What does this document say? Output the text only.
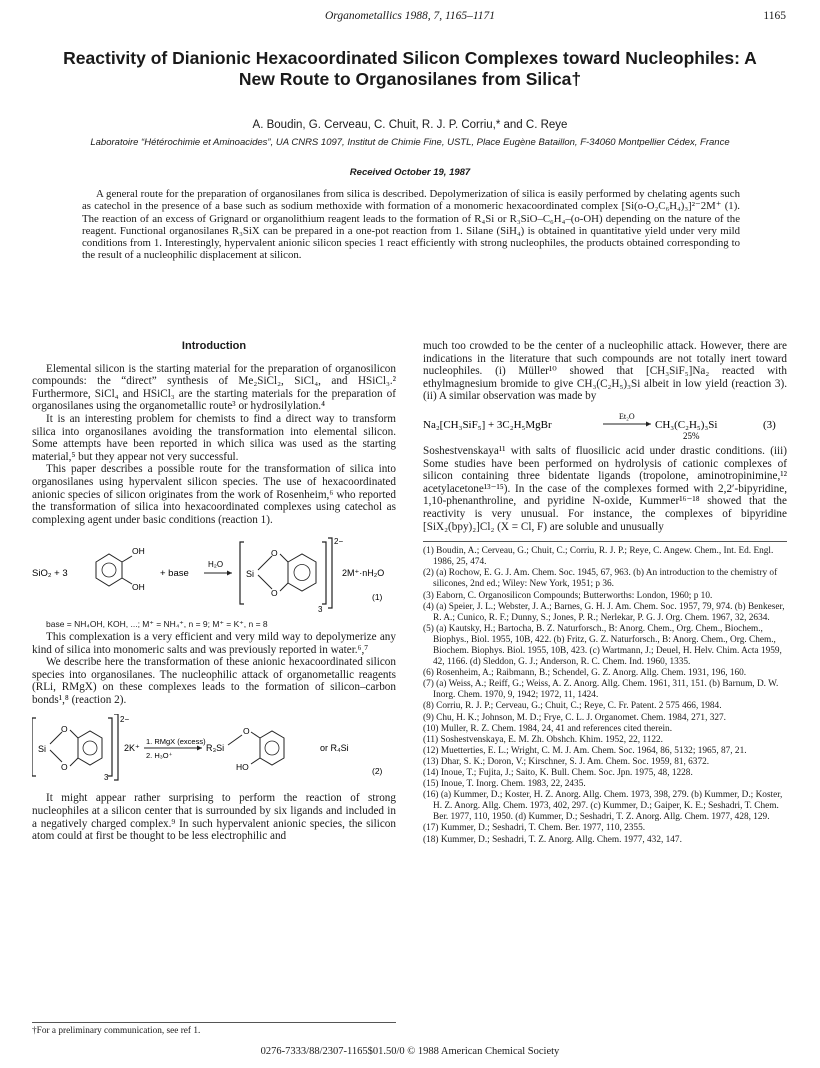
Organometallics 1988, 7, 1165–1171	1165
Reactivity of Dianionic Hexacoordinated Silicon Complexes toward Nucleophiles: A New Route to Organosilanes from Silica†
A. Boudin, G. Cerveau, C. Chuit, R. J. P. Corriu,* and C. Reye
Laboratoire “Hétérochimie et Aminoacides”, UA CNRS 1097, Institut de Chimie Fine, USTL, Place Eugène Bataillon, F-34060 Montpellier Cédex, France
Received October 19, 1987

A general route for the preparation of organosilanes from silica is described. Depolymerization of silica is easily performed by chelating agents such as catechol in the presence of a base such as sodium methoxide with formation of a monomeric hexacoordinated complex [Si(o-O₂C₆H₄)₃]²⁻2M⁺ (1). The reaction of an excess of Grignard or organolithium reagent leads to the formation of R₄Si or R₃SiO–C₆H₄–(o-OH) depending on the nature of the reagent. Functional organosilanes R₃SiX can be prepared in a one-pot reaction from 1. Silane (SiH₄) is obtained in quantitative yield under very mild conditions from 1. Interestingly, hypervalent anionic silicon species 1 react efficiently with strong nucleophiles, the products obtained corresponding to the result of a nucleophilic displacement at silicon.

Introduction

Elemental silicon is the starting material for the preparation of organosilicon compounds: the “direct” synthesis of Me₂SiCl₂, SiCl₄, and HSiCl₃.² Furthermore, SiCl₄ and HSiCl₃ are the starting materials for the preparation of organosilanes using the organometallic route³ or hydrosilylation.⁴

It is an interesting problem for chemists to find a direct way to transform silica into organosilanes avoiding the transformation into elemental silicon. Some attempts have been reported in which silica was used as the starting material,⁵ but they appear not very successful.

This paper describes a possible route for the transformation of silica into organosilanes using hypervalent silicon species. The use of hexacoordinated anionic species of silicon originates from the work of Rosenheim,⁶ who reported the transformation of silica into hexacoordinated complexes using catechol as complexing agent under basic conditions (reaction 1).

SiO₂ + 3
OH
OH
+ base
H₂O
Si
O
O
3
2−
2M⁺·nH₂O
(1)

base = NH₄OH, KOH, ...; M⁺ = NH₄⁺, n = 9; M⁺ = K⁺, n = 8

This complexation is a very efficient and very mild way to depolymerize any kind of silica into monomeric salts and was previously reported in water.⁶,⁷

We describe here the transformation of these anionic hexacoordinated silicon species into organosilanes. The nucleophilic attack of organometallic reagents (RLi, RMgX) on these complexes leads to the formation of silicon–carbon bonds¹,⁸ (reaction 2).

Si
O
O
3
2−
2K⁺
1. RMgX (excess)
2. H₃O⁺
R₃Si
O
HO
or R₄Si
(2)

It might appear rather surprising to perform the reaction of strong nucleophiles at a silicon center that is surrounded by six ligands and included in a negatively charged complex.⁹ In such hypervalent anionic species, the silicon atom could at first be thought to be less electrophilic and

†For a preliminary communication, see ref 1.

much too crowded to be the center of a nucleophilic attack. However, there are indications in the literature that such compounds are not totally inert toward nucleophiles. (i) Müller¹⁰ showed that [CH₃SiF₅]Na₂ reacted with ethylmagnesium bromide to give CH₃(C₂H₅)₃Si albeit in low yield (reaction 3). (ii) A similar observation was made by

Na₂[CH₃SiF₅] + 3C₂H₅MgBr
Et₂O
CH₃(C₂H₅)₃Si
25%
(3)

Soshestvenskaya¹¹ with salts of fluosilicic acid under drastic conditions. (iii) Some studies have been performed on hydrolysis of cationic complexes of silicon containing three bidentate ligands (tropolone, aminotropinimine,¹² acetylacetone¹³⁻¹⁵). In the case of the complexes formed with 2,2′-bipyridine, 1,10-phenanthroline, and pyridine N-oxide, Kummer¹⁶⁻¹⁸ showed that the reactivity is very unusual. For instance, the complexes of bipyridine [SiX₂(bpy)₂]Cl₂ (X = Cl, F) are soluble and unusually

(1) Boudin, A.; Cerveau, G.; Chuit, C.; Corriu, R. J. P.; Reye, C. Angew. Chem., Int. Ed. Engl. 1986, 25, 474.
(2) (a) Rochow, E. G. J. Am. Chem. Soc. 1945, 67, 963. (b) An introduction to the chemistry of silicones, 2nd ed.; Wiley: New York, 1951; p 36.
(3) Eaborn, C. Organosilicon Compounds; Butterworths: London, 1960; p 10.
(4) (a) Speier, J. L.; Webster, J. A.; Barnes, G. H. J. Am. Chem. Soc. 1957, 79, 974. (b) Benkeser, R. A.; Cunico, R. F.; Dunny, S.; Jones, P. R.; Nerlekar, P. G. J. Org. Chem. 1967, 32, 2634.
(5) (a) Kautsky, H.; Bartocha, B. Z. Naturforsch., B: Anorg. Chem., Org. Chem., Biochem., Biophys., Biol. 1955, 10B, 422. (b) Fritz, G. Z. Naturforsch., B: Anorg. Chem., Org. Chem., Biochem. Biophys. Biol. 1955, 10B, 423. (c) Wartmann, J.; Deuel, H. Helv. Chim. Acta 1959, 42, 1166. (d) Sleddon, G. J.; Anderson, R. C. Chem. Ind. 1960, 1335.
(6) Rosenheim, A.; Raibmann, B.; Schendel, G. Z. Anorg. Allg. Chem. 1931, 196, 160.
(7) (a) Weiss, A.; Reiff, G.; Weiss, A. Z. Anorg. Allg. Chem. 1961, 311, 151. (b) Barnum, D. W. Inorg. Chem. 1970, 9, 1942; 1972, 11, 1424.
(8) Corriu, R. J. P.; Cerveau, G.; Chuit, C.; Reye, C. Fr. Patent. 2 575 466, 1984.
(9) Chu, H. K.; Johnson, M. D.; Frye, C. L. J. Organomet. Chem. 1984, 271, 327.
(10) Muller, R. Z. Chem. 1984, 24, 41 and references cited therein.
(11) Soshestvenskaya, E. M. Zh. Obshch. Khim. 1952, 22, 1122.
(12) Muetterties, E. L.; Wright, C. M. J. Am. Chem. Soc. 1964, 86, 5132; 1965, 87, 21.
(13) Dhar, S. K.; Doron, V.; Kirschner, S. J. Am. Chem. Soc. 1959, 81, 6372.
(14) Inoue, T.; Fujita, J.; Saito, K. Bull. Chem. Soc. Jpn. 1975, 48, 1228.
(15) Inoue, T. Inorg. Chem. 1983, 22, 2435.
(16) (a) Kummer, D.; Koster, H. Z. Anorg. Allg. Chem. 1973, 398, 279. (b) Kummer, D.; Koster, H. Z. Anorg. Allg. Chem. 1973, 402, 297. (c) Kummer, D.; Gaiper, K. E.; Seshadri, T. Chem. Ber. 1977, 110, 1950. (d) Kummer, D.; Seshadri, T. Z. Anorg. Allg. Chem. 1977, 428, 129.
(17) Kummer, D.; Seshadri, T. Chem. Ber. 1977, 110, 2355.
(18) Kummer, D.; Seshadri, T. Z. Anorg. Allg. Chem. 1977, 432, 147.
0276-7333/88/2307-1165$01.50/0 © 1988 American Chemical Society
